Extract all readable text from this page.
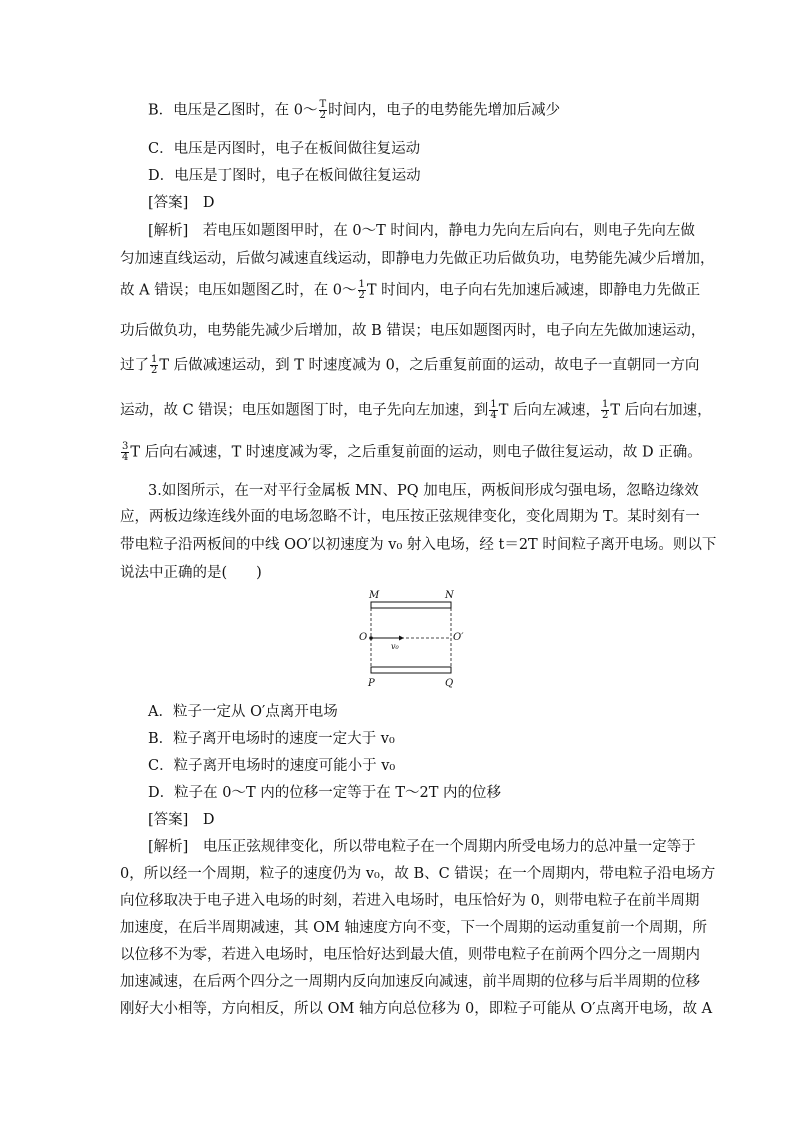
B．电压是乙图时，在 0～ $\frac{T}{2}$ 时间内，电子的电势能先增加后减少
C．电压是丙图时，电子在板间做往复运动
D．电压是丁图时，电子在板间做往复运动
[答案]　D
[解析]　若电压如题图甲时，在 0～T 时间内，静电力先向左后向右，则电子先向左做
匀加速直线运动，后做匀减速直线运动，即静电力先做正功后做负功，电势能先减少后增加，
故 A 错误；电压如题图乙时，在 0～ $\frac{1}{2}$ T 时间内，电子向右先加速后减速，即静电力先做正
功后做负功，电势能先减少后增加，故 B 错误；电压如题图丙时，电子向左先做加速运动，
过了 $\frac{1}{2}$ T 后做减速运动，到 T 时速度减为 0，之后重复前面的运动，故电子一直朝同一方向
运动，故 C 错误；电压如题图丁时，电子先向左加速，到 $\frac{1}{4}$ T 后向左减速， $\frac{1}{2}$ T 后向右加速，
$\frac{3}{4}$ T 后向右减速，T 时速度减为零，之后重复前面的运动，则电子做往复运动，故 D 正确。
3.如图所示，在一对平行金属板 MN、PQ 加电压，两板间形成匀强电场，忽略边缘效
应，两板边缘连线外面的电场忽略不计，电压按正弦规律变化，变化周期为 T。某时刻有一
带电粒子沿两板间的中线 OO′以初速度为 v₀ 射入电场，经 t＝2T 时间粒子离开电场。则以下
说法中正确的是(　　)
M	N
O	O′
v₀
P	Q
A．粒子一定从 O′点离开电场
B．粒子离开电场时的速度一定大于 v₀
C．粒子离开电场时的速度可能小于 v₀
D．粒子在 0～T 内的位移一定等于在 T～2T 内的位移
[答案]　D
[解析]　电压正弦规律变化，所以带电粒子在一个周期内所受电场力的总冲量一定等于
0，所以经一个周期，粒子的速度仍为 v₀，故 B、C 错误；在一个周期内，带电粒子沿电场方
向位移取决于电子进入电场的时刻，若进入电场时，电压恰好为 0，则带电粒子在前半周期
加速度，在后半周期减速，其 OM 轴速度方向不变，下一个周期的运动重复前一个周期，所
以位移不为零，若进入电场时，电压恰好达到最大值，则带电粒子在前两个四分之一周期内
加速减速，在后两个四分之一周期内反向加速反向减速，前半周期的位移与后半周期的位移
刚好大小相等，方向相反，所以 OM 轴方向总位移为 0，即粒子可能从 O′点离开电场，故 A
